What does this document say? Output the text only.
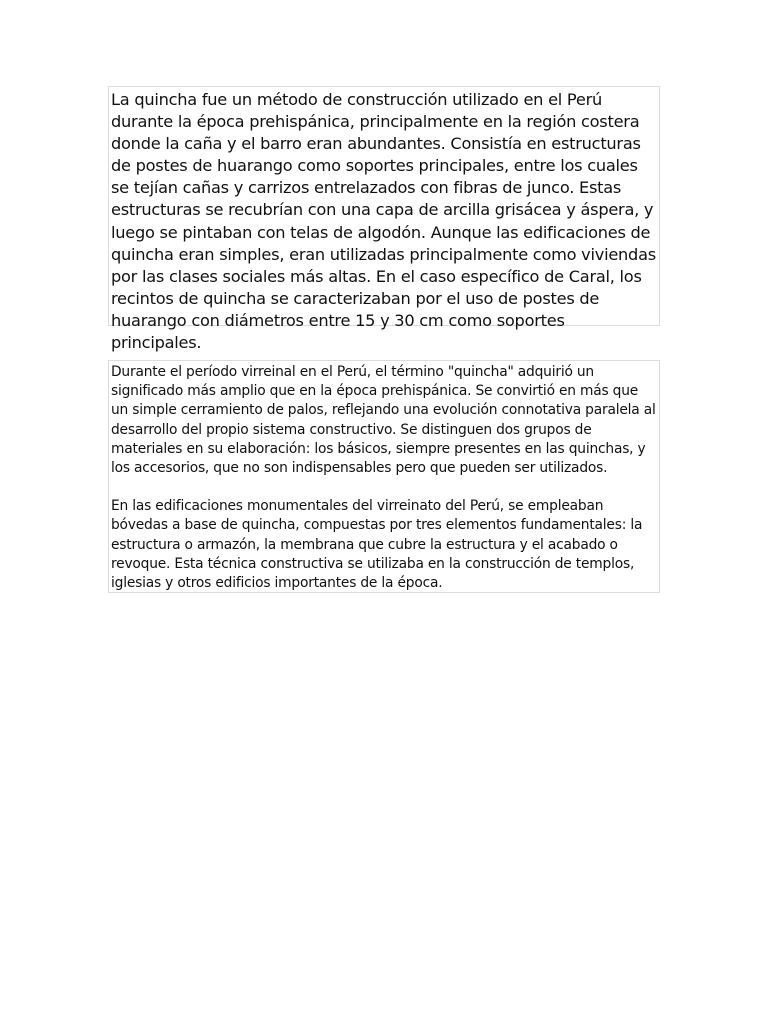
La quincha fue un método de construcción utilizado en el Perú durante la época prehispánica, principalmente en la región costera donde la caña y el barro eran abundantes. Consistía en estructuras de postes de huarango como soportes principales, entre los cuales se tejían cañas y carrizos entrelazados con fibras de junco. Estas estructuras se recubrían con una capa de arcilla grisácea y áspera, y luego se pintaban con telas de algodón. Aunque las edificaciones de quincha eran simples, eran utilizadas principalmente como viviendas por las clases sociales más altas. En el caso específico de Caral, los recintos de quincha se caracterizaban por el uso de postes de huarango con diámetros entre 15 y 30 cm como soportes principales.

Durante el período virreinal en el Perú, el término "quincha" adquirió un significado más amplio que en la época prehispánica. Se convirtió en más que un simple cerramiento de palos, reflejando una evolución connotativa paralela al desarrollo del propio sistema constructivo. Se distinguen dos grupos de materiales en su elaboración: los básicos, siempre presentes en las quinchas, y los accesorios, que no son indispensables pero que pueden ser utilizados.

En las edificaciones monumentales del virreinato del Perú, se empleaban bóvedas a base de quincha, compuestas por tres elementos fundamentales: la estructura o armazón, la membrana que cubre la estructura y el acabado o revoque. Esta técnica constructiva se utilizaba en la construcción de templos, iglesias y otros edificios importantes de la época.
